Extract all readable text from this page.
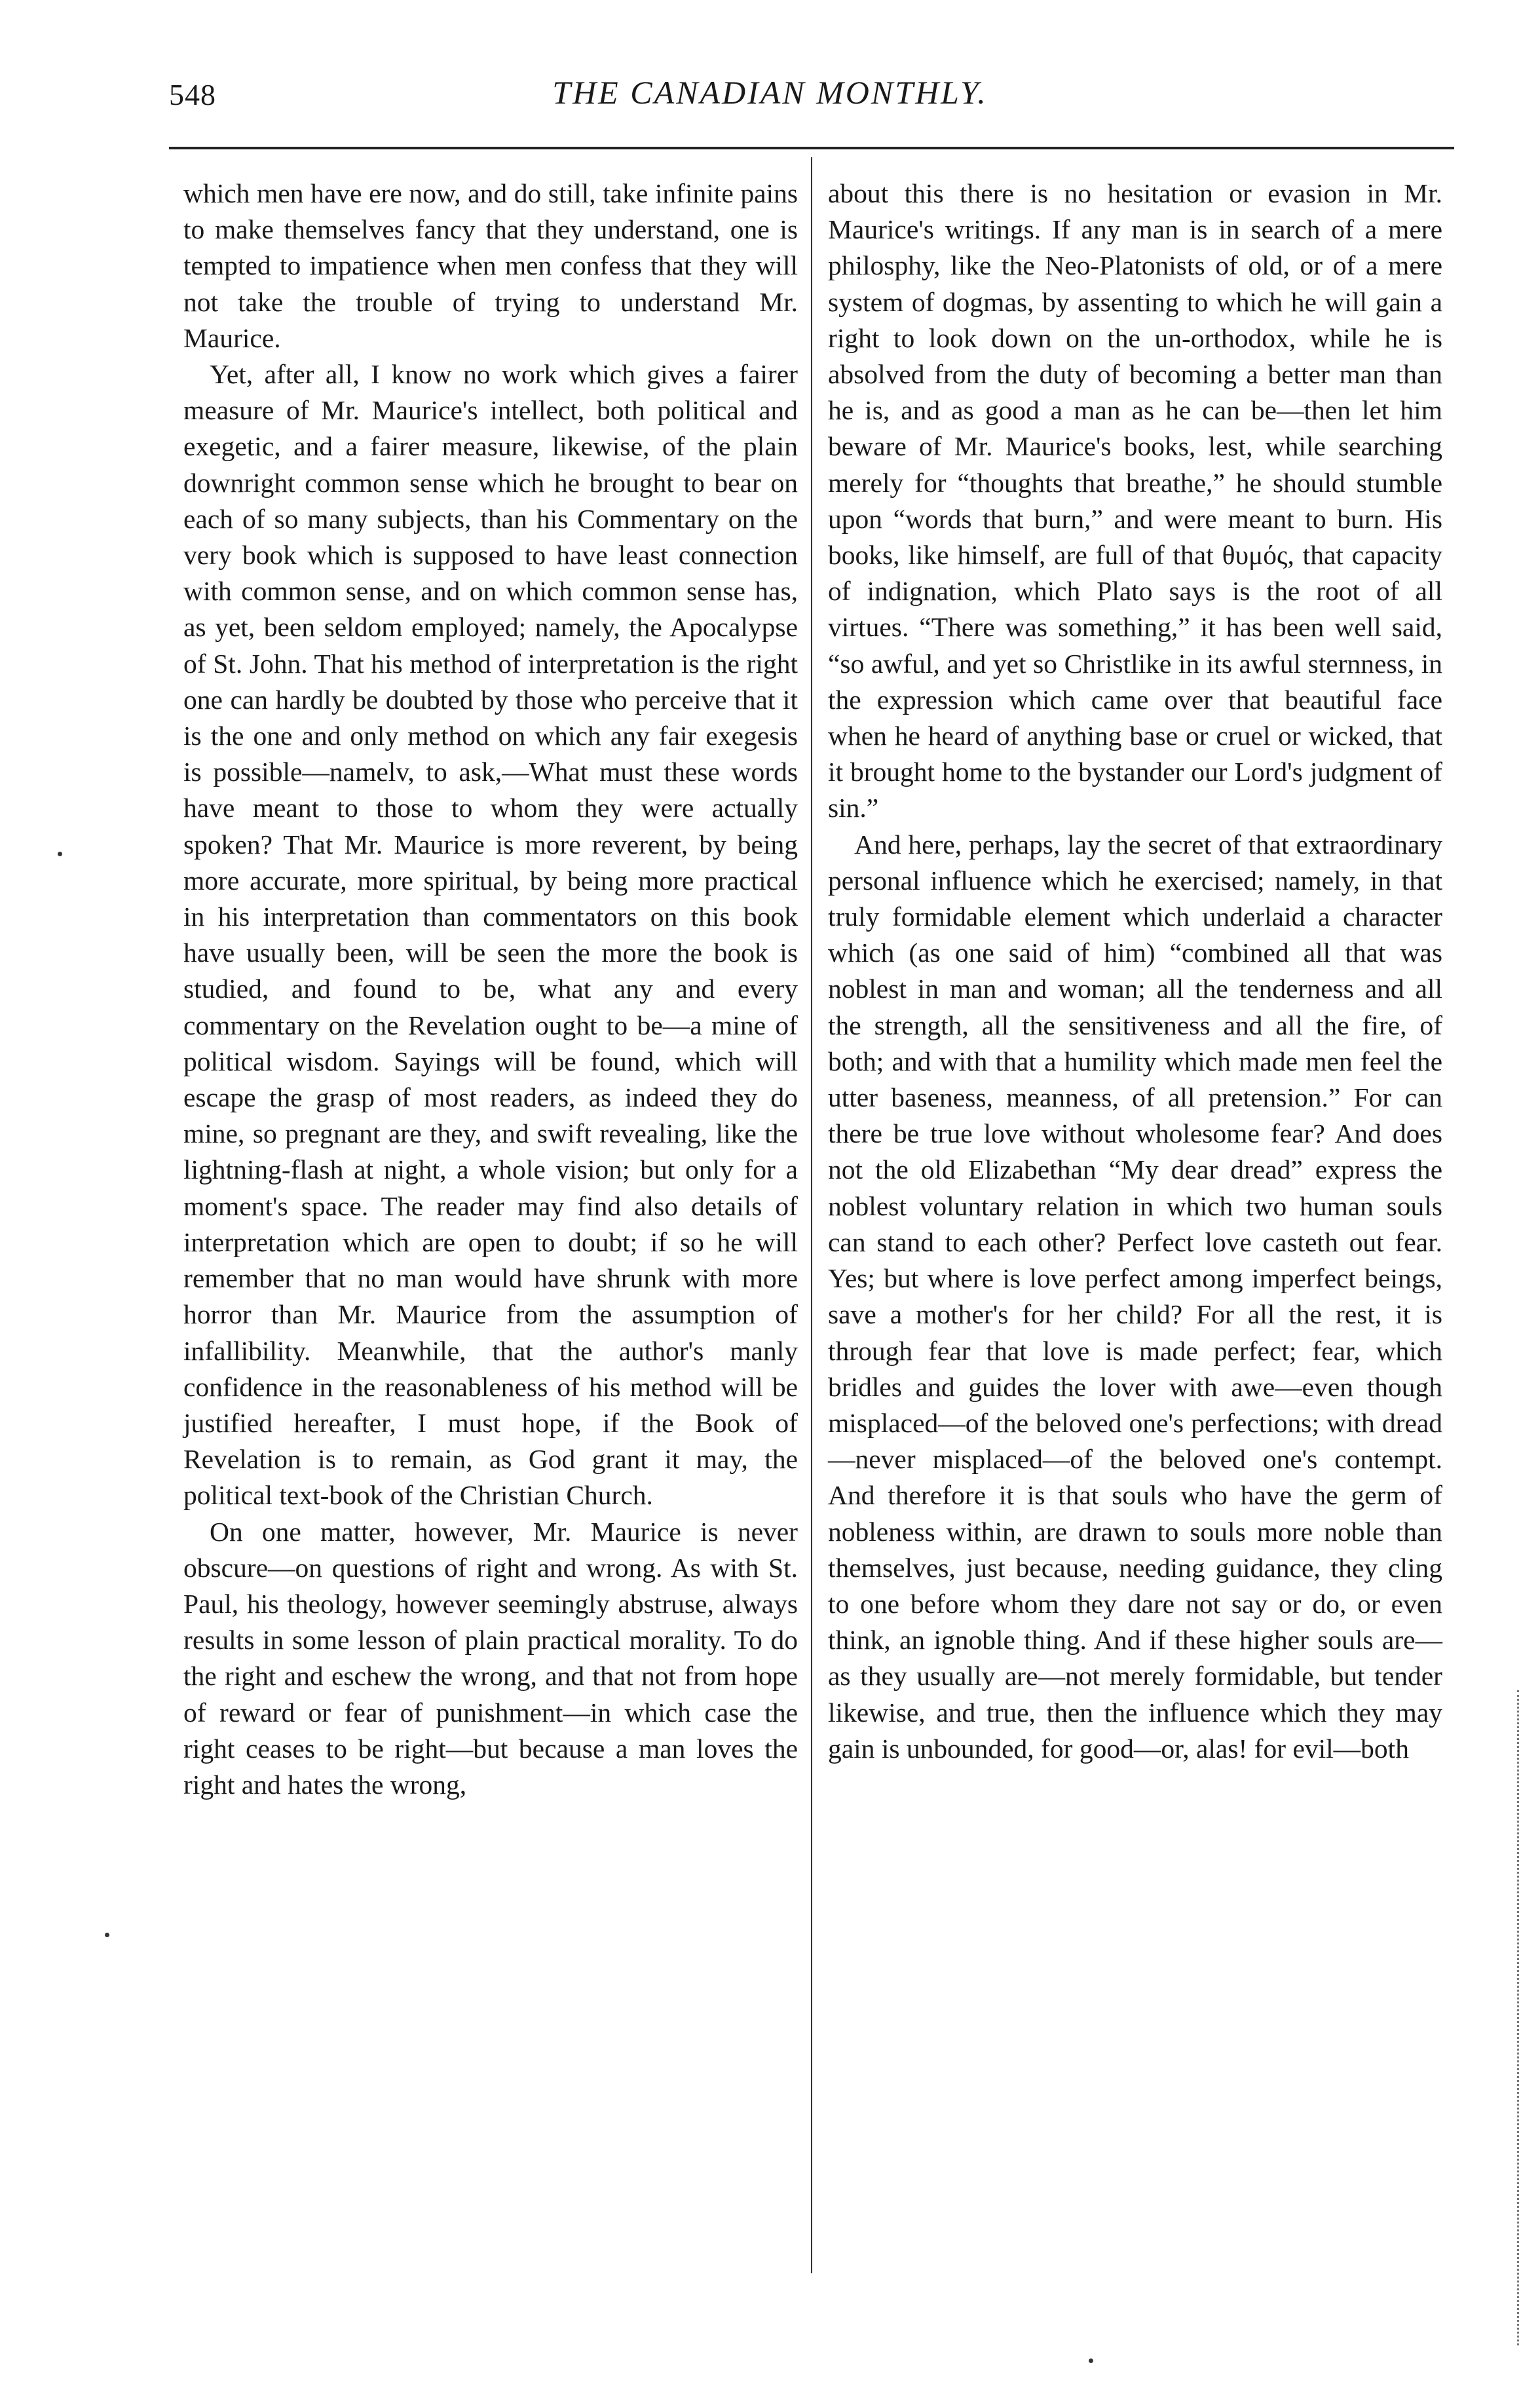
548	THE CANADIAN MONTHLY.

which men have ere now, and do still, take infinite pains to make themselves fancy that they understand, one is tempted to impatience when men confess that they will not take the trouble of trying to understand Mr. Maurice.

Yet, after all, I know no work which gives a fairer measure of Mr. Maurice's intellect, both political and exegetic, and a fairer measure, likewise, of the plain downright common sense which he brought to bear on each of so many subjects, than his Commentary on the very book which is supposed to have least connection with common sense, and on which common sense has, as yet, been seldom employed; namely, the Apocalypse of St. John. That his method of interpretation is the right one can hardly be doubted by those who perceive that it is the one and only method on which any fair exegesis is possible—namelv, to ask,—What must these words have meant to those to whom they were actually spoken? That Mr. Maurice is more reverent, by being more accurate, more spiritual, by being more practical in his interpretation than commentators on this book have usually been, will be seen the more the book is studied, and found to be, what any and every commentary on the Revelation ought to be—a mine of political wisdom. Sayings will be found, which will escape the grasp of most readers, as indeed they do mine, so pregnant are they, and swift revealing, like the lightning-flash at night, a whole vision; but only for a moment's space. The reader may find also details of interpretation which are open to doubt; if so he will remember that no man would have shrunk with more horror than Mr. Maurice from the assumption of infallibility. Meanwhile, that the author's manly confidence in the reasonableness of his method will be justified hereafter, I must hope, if the Book of Revelation is to remain, as God grant it may, the political text-book of the Christian Church.

On one matter, however, Mr. Maurice is never obscure—on questions of right and wrong. As with St. Paul, his theology, however seemingly abstruse, always results in some lesson of plain practical morality. To do the right and eschew the wrong, and that not from hope of reward or fear of punishment—in which case the right ceases to be right—but because a man loves the right and hates the wrong,

about this there is no hesitation or evasion in Mr. Maurice's writings. If any man is in search of a mere philosphy, like the Neo-Platonists of old, or of a mere system of dogmas, by assenting to which he will gain a right to look down on the un-orthodox, while he is absolved from the duty of becoming a better man than he is, and as good a man as he can be—then let him beware of Mr. Maurice's books, lest, while searching merely for “thoughts that breathe,” he should stumble upon “words that burn,” and were meant to burn. His books, like himself, are full of that θυμός, that capacity of indignation, which Plato says is the root of all virtues. “There was something,” it has been well said, “so awful, and yet so Christlike in its awful sternness, in the expression which came over that beautiful face when he heard of anything base or cruel or wicked, that it brought home to the bystander our Lord's judgment of sin.”

And here, perhaps, lay the secret of that extraordinary personal influence which he exercised; namely, in that truly formidable element which underlaid a character which (as one said of him) “combined all that was noblest in man and woman; all the tenderness and all the strength, all the sensitiveness and all the fire, of both; and with that a humility which made men feel the utter baseness, meanness, of all pretension.” For can there be true love without wholesome fear? And does not the old Elizabethan “My dear dread” express the noblest voluntary relation in which two human souls can stand to each other? Perfect love casteth out fear. Yes; but where is love perfect among imperfect beings, save a mother's for her child? For all the rest, it is through fear that love is made perfect; fear, which bridles and guides the lover with awe—even though misplaced—of the beloved one's perfections; with dread—never misplaced—of the beloved one's contempt. And therefore it is that souls who have the germ of nobleness within, are drawn to souls more noble than themselves, just because, needing guidance, they cling to one before whom they dare not say or do, or even think, an ignoble thing. And if these higher souls are—as they usually are—not merely formidable, but tender likewise, and true, then the influence which they may gain is unbounded, for good—or, alas! for evil—both
